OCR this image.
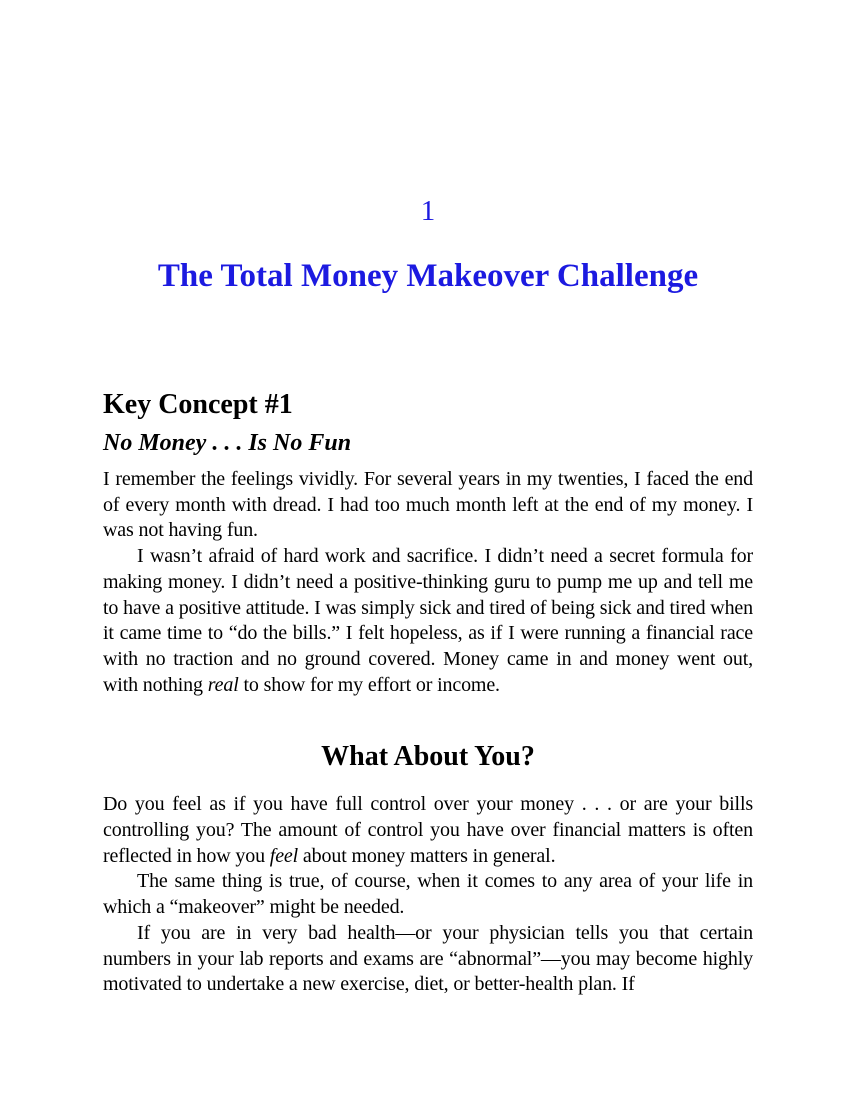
1
The Total Money Makeover Challenge
Key Concept #1
No Money . . . Is No Fun

I remember the feelings vividly. For several years in my twenties, I faced the end of every month with dread. I had too much month left at the end of my money. I was not having fun.

I wasn’t afraid of hard work and sacrifice. I didn’t need a secret formula for making money. I didn’t need a positive-thinking guru to pump me up and tell me to have a positive attitude. I was simply sick and tired of being sick and tired when it came time to “do the bills.” I felt hopeless, as if I were running a financial race with no traction and no ground covered. Money came in and money went out, with nothing real to show for my effort or income.

What About You?

Do you feel as if you have full control over your money . . . or are your bills controlling you? The amount of control you have over financial matters is often reflected in how you feel about money matters in general.

The same thing is true, of course, when it comes to any area of your life in which a “makeover” might be needed.

If you are in very bad health—or your physician tells you that certain numbers in your lab reports and exams are “abnormal”—you may become highly motivated to undertake a new exercise, diet, or better-health plan. If
